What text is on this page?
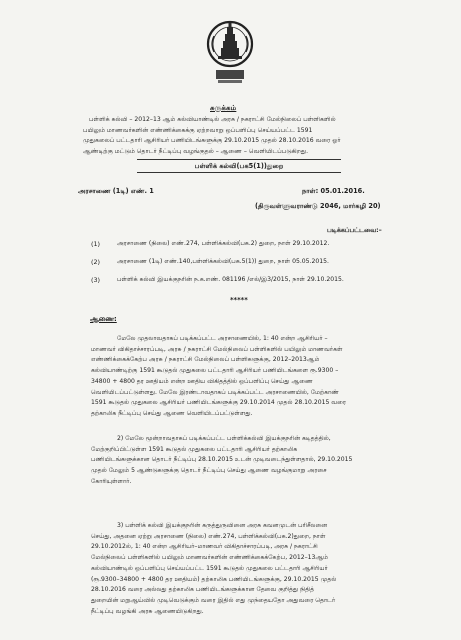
சுருக்கம்
பள்ளிக் கல்வி – 2012–13 ஆம் கல்வியாண்டில் அரசு / நகராட்சி மேல்நிலைப் பள்ளிகளில்
பயிலும் மாணவர்களின் எண்ணிக்கைக்கு ஏற்றவாறு ஒப்பளிப்பு செய்யப்பட்ட 1591
முதுகலைப் பட்டதாரி ஆசிரியர் பணியிடங்களுக்கு 29.10.2015 முதல் 28.10.2016 வரை ஓர்
ஆண்டிற்கு மட்டும் தொடர் நீட்டிப்பு வழங்குதல் – ஆணை – வெளியிடப்படுகிறது.
பள்ளிக் கல்வி(பக5(1))துறை
அரசாணை (1டி) எண். 1	நாள்: 05.01.2016.
(திருவள்ளுவராண்டு 2046, மார்கழி 20)
படிக்கப்பட்டவை:–
(1)	அரசாணை (நிலை) எண்.274, பள்ளிக்கல்வி(பக.2) துறை, நாள் 29.10.2012.
(2)	அரசாணை (1டி) எண்.140,பள்ளிக்கல்வி(பக.5(1)) துறை, நாள் 05.05.2015.
(3)	பள்ளிக் கல்வி இயக்குநரின் ந.க.எண். 081196 /எல்/இ3/2015, நாள் 29.10.2015.
*****
ஆணை:
மேலே முதலாவதாகப் படிக்கப்பட்ட அரசாணையில், 1: 40 என்ற ஆசிரியர் –
மாணவர் விகிதாச்சாரப்படி, அரசு / நகராட்சி மேல்நிலைப் பள்ளிகளில் பயிலும் மாணவர்கள்
எண்ணிக்கைக்கேற்ப அரசு / நகராட்சி மேல்நிலைப் பள்ளிகளுக்கு, 2012–2013ஆம்
கல்வியாண்டிற்கு 1591 கூடுதல் முதுகலை பட்டதாரி ஆசிரியர் பணியிடங்களை ரூ.9300 –
34800 + 4800 தர ஊதியம் என்ற ஊதிய விகிதத்தில் ஒப்பளிப்பு செய்து ஆணை
வெளியிடப்பட்டுள்ளது. மேலே இரண்டாவதாகப் படிக்கப்பட்ட அரசாணையில், மேற்காண்
1591 கூடுதல் முதுகலை ஆசிரியர் பணியிடங்களுக்கு 29.10.2014 முதல் 28.10.2015 வரை
தற்காலிக நீட்டிப்பு செய்து ஆணை வெளியிடப்பட்டுள்ளது.
2) மேலே மூன்றாவதாகப் படிக்கப்பட்ட பள்ளிக்கல்வி இயக்குநரின் கடிதத்தில்,
மேற்குறிப்பிட்டுள்ள 1591 கூடுதல் முதுகலை பட்டதாரி ஆசிரியர் தற்காலிக
பணியிடங்களுக்கான தொடர் நீட்டிப்பு 28.10.2015 உடன் முடிவடைந்துள்ளதால், 29.10.2015
முதல் மேலும் 5 ஆண்டுகளுக்கு தொடர் நீட்டிப்பு செய்து ஆணை வழங்குமாறு அரசை
கோரியுள்ளார்.
3) பள்ளிக் கல்வி இயக்குநரின் கருத்துருவினை அரசு கவனமுடன் பரிசீலனை
செய்து, அதனை ஏற்று அரசாணை (நிலை) எண்.274, பள்ளிக்கல்வி(பக.2)துறை, நாள்
29.10.2012ல், 1: 40 என்ற ஆசிரியர்–மாணவர் விகிதாச்சாரப்படி, அரசு / நகராட்சி
மேல்நிலைப் பள்ளிகளில் பயிலும் மாணவர்களின் எண்ணிக்கைக்கேற்ப, 2012–13ஆம்
கல்வியாண்டில் ஒப்பளிப்பு செய்யப்பட்ட 1591 கூடுதல் முதுகலை பட்டதாரி ஆசிரியர்
(ரூ.9300–34800 + 4800 தர ஊதியம்) தற்காலிக பணியிடங்களுக்கு, 29.10.2015 முதல்
28.10.2016 வரை அல்லது தற்காலிக பணியிடங்களுக்கான தேவை குறித்து நிதித்
துறையின் மறுஆய்வில் முடிவெடுக்கும் வரை இதில் எது முந்தையதோ அதுவரை தொடர்
நீட்டிப்பு வழங்கி அரசு ஆணையிடுகிறது.
